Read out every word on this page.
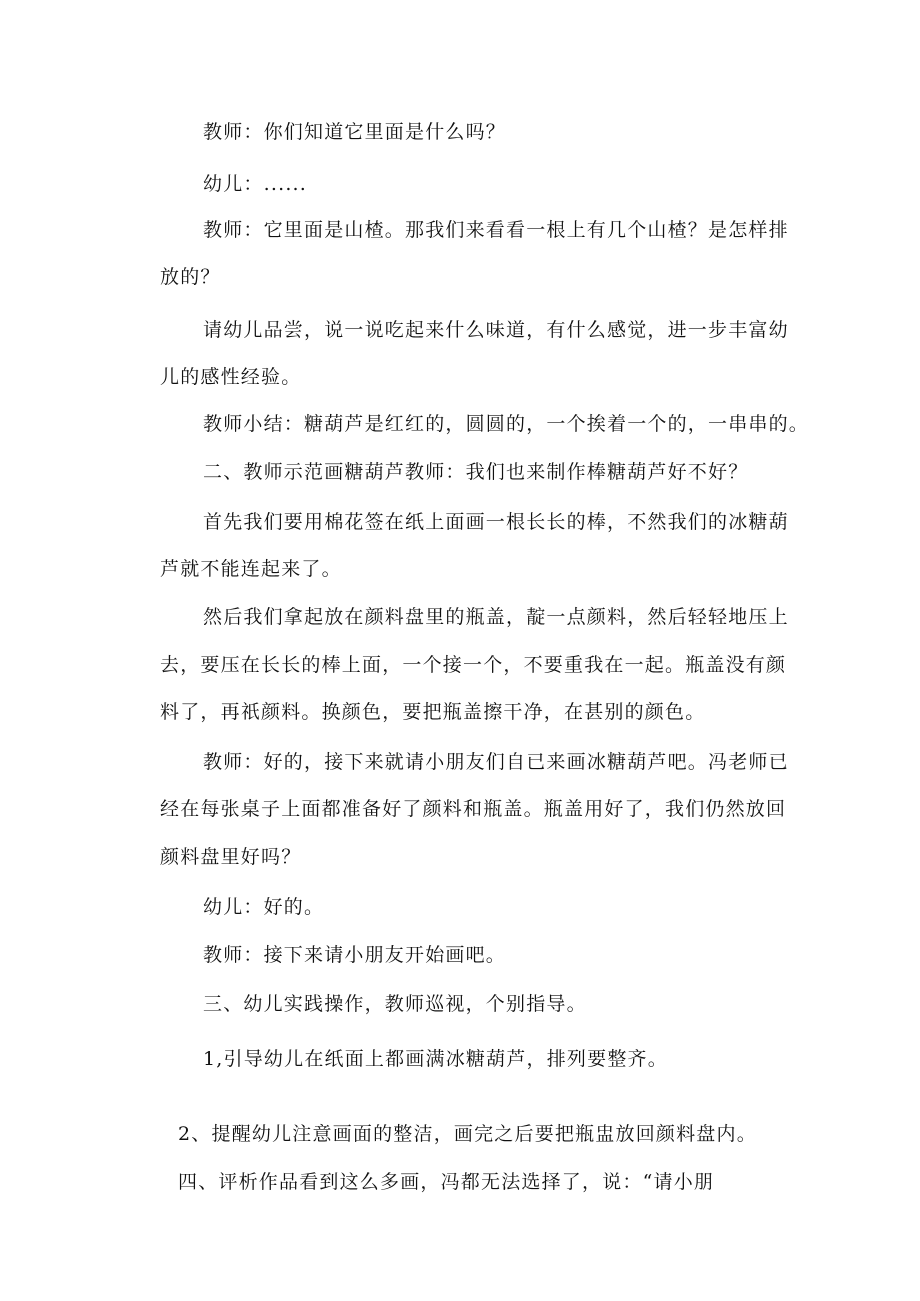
教师：你们知道它里面是什么吗？
幼儿：......
教师：它里面是山楂。那我们来看看一根上有几个山楂？是怎样排
放的？
请幼儿品尝，说一说吃起来什么味道，有什么感觉，进一步丰富幼
儿的感性经验。
教师小结：糖葫芦是红红的，圆圆的，一个挨着一个的，一串串的。
二、教师示范画糖葫芦教师：我们也来制作棒糖葫芦好不好？
首先我们要用棉花签在纸上面画一根长长的棒，不然我们的冰糖葫
芦就不能连起来了。
然后我们拿起放在颜料盘里的瓶盖，靛一点颜料，然后轻轻地压上
去，要压在长长的棒上面，一个接一个，不要重我在一起。瓶盖没有颜
料了，再祇颜料。换颜色，要把瓶盖擦干净，在甚别的颜色。
教师：好的，接下来就请小朋友们自已来画冰糖葫芦吧。冯老师已
经在每张桌子上面都准备好了颜料和瓶盖。瓶盖用好了，我们仍然放回
颜料盘里好吗？
幼儿：好的。
教师：接下来请小朋友开始画吧。
三、幼儿实践操作，教师巡视，个别指导。
1,引导幼儿在纸面上都画满冰糖葫芦，排列要整齐。
2、提醒幼儿注意画面的整洁，画完之后要把瓶盅放回颜料盘内。
四、评析作品看到这么多画，冯都无法选择了，说：“请小朋
